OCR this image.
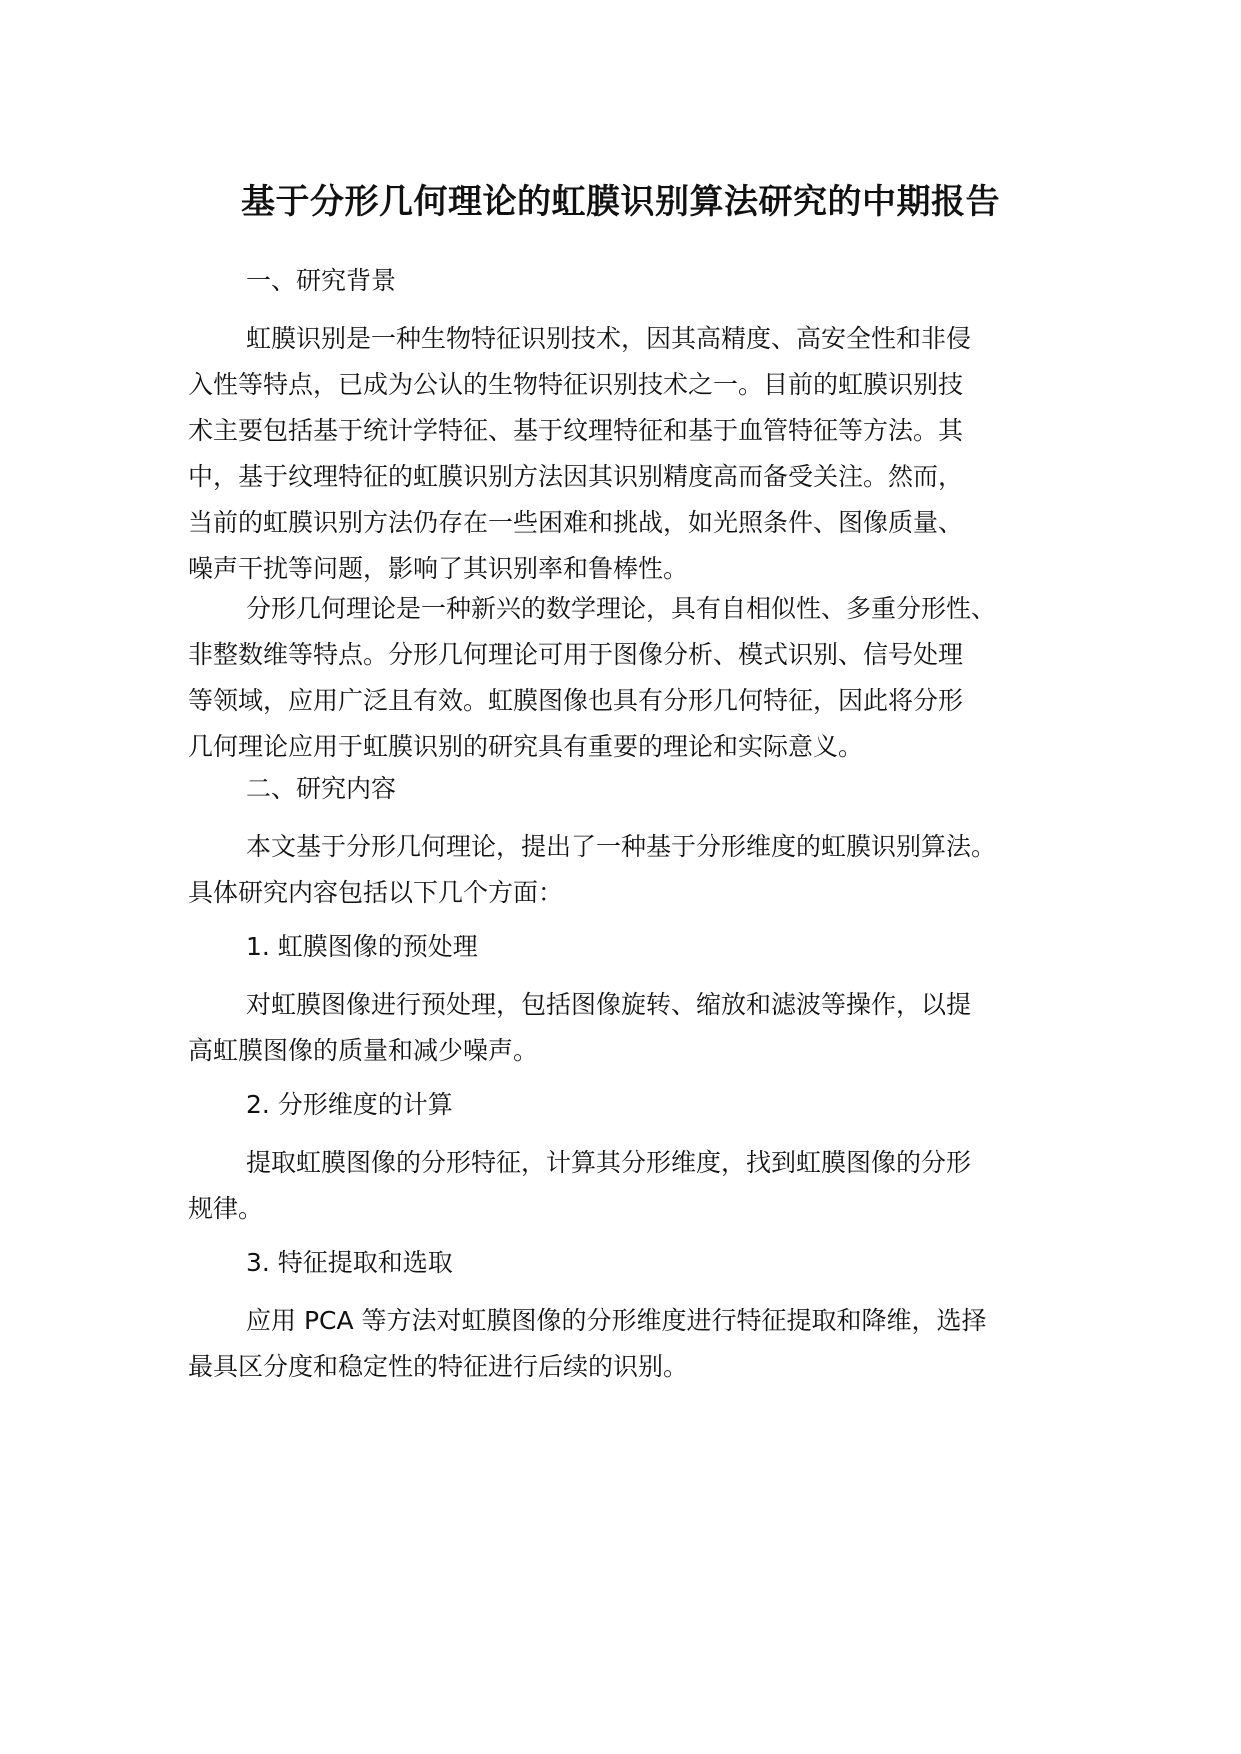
基于分形几何理论的虹膜识别算法研究的中期报告

一、研究背景

虹膜识别是一种生物特征识别技术，因其高精度、高安全性和非侵
入性等特点，已成为公认的生物特征识别技术之一。目前的虹膜识别技
术主要包括基于统计学特征、基于纹理特征和基于血管特征等方法。其
中，基于纹理特征的虹膜识别方法因其识别精度高而备受关注。然而，
当前的虹膜识别方法仍存在一些困难和挑战，如光照条件、图像质量、
噪声干扰等问题，影响了其识别率和鲁棒性。
分形几何理论是一种新兴的数学理论，具有自相似性、多重分形性、
非整数维等特点。分形几何理论可用于图像分析、模式识别、信号处理
等领域，应用广泛且有效。虹膜图像也具有分形几何特征，因此将分形
几何理论应用于虹膜识别的研究具有重要的理论和实际意义。

二、研究内容

本文基于分形几何理论，提出了一种基于分形维度的虹膜识别算法。
具体研究内容包括以下几个方面：

1. 虹膜图像的预处理

对虹膜图像进行预处理，包括图像旋转、缩放和滤波等操作，以提
高虹膜图像的质量和减少噪声。

2. 分形维度的计算

提取虹膜图像的分形特征，计算其分形维度，找到虹膜图像的分形
规律。

3. 特征提取和选取

应用 PCA 等方法对虹膜图像的分形维度进行特征提取和降维，选择
最具区分度和稳定性的特征进行后续的识别。
